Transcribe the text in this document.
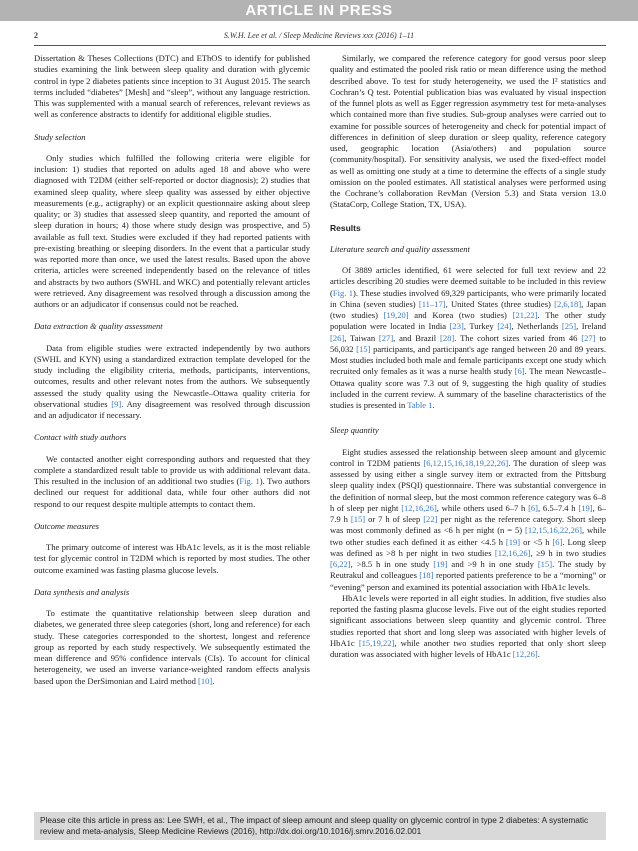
ARTICLE IN PRESS
2	S.W.H. Lee et al. / Sleep Medicine Reviews xxx (2016) 1–11

Dissertation & Theses Collections (DTC) and EThOS to identify for published studies examining the link between sleep quality and duration with glycemic control in type 2 diabetes patients since inception to 31 August 2015. The search terms included “diabetes” [Mesh] and “sleep”, without any language restriction. This was supplemented with a manual search of references, relevant reviews as well as conference abstracts to identify for additional eligible studies.

Study selection

Only studies which fulfilled the following criteria were eligible for inclusion: 1) studies that reported on adults aged 18 and above who were diagnosed with T2DM (either self-reported or doctor diagnosis); 2) studies that examined sleep quality, where sleep quality was assessed by either objective measurements (e.g., actigraphy) or an explicit questionnaire asking about sleep quality; or 3) studies that assessed sleep quantity, and reported the amount of sleep duration in hours; 4) those where study design was prospective, and 5) available as full text. Studies were excluded if they had reported patients with pre-existing breathing or sleeping disorders. In the event that a particular study was reported more than once, we used the latest results. Based upon the above criteria, articles were screened independently based on the relevance of titles and abstracts by two authors (SWHL and WKC) and potentially relevant articles were retrieved. Any disagreement was resolved through a discussion among the authors or an adjudicator if consensus could not be reached.

Data extraction & quality assessment

Data from eligible studies were extracted independently by two authors (SWHL and KYN) using a standardized extraction template developed for the study including the eligibility criteria, methods, participants, interventions, outcomes, results and other relevant notes from the authors. We subsequently assessed the study quality using the Newcastle–Ottawa quality criteria for observational studies [9]. Any disagreement was resolved through discussion and an adjudicator if necessary.

Contact with study authors

We contacted another eight corresponding authors and requested that they complete a standardized result table to provide us with additional relevant data. This resulted in the inclusion of an additional two studies (Fig. 1). Two authors declined our request for additional data, while four other authors did not respond to our request despite multiple attempts to contact them.

Outcome measures

The primary outcome of interest was HbA1c levels, as it is the most reliable test for glycemic control in T2DM which is reported by most studies. The other outcome examined was fasting plasma glucose levels.

Data synthesis and analysis

To estimate the quantitative relationship between sleep duration and diabetes, we generated three sleep categories (short, long and reference) for each study. These categories corresponded to the shortest, longest and reference group as reported by each study respectively. We subsequently estimated the mean difference and 95% confidence intervals (CIs). To account for clinical heterogeneity, we used an inverse variance-weighted random effects analysis based upon the DerSimonian and Laird method [10].

Similarly, we compared the reference category for good versus poor sleep quality and estimated the pooled risk ratio or mean difference using the method described above. To test for study heterogeneity, we used the I² statistics and Cochran’s Q test. Potential publication bias was evaluated by visual inspection of the funnel plots as well as Egger regression asymmetry test for meta-analyses which contained more than five studies. Sub-group analyses were carried out to examine for possible sources of heterogeneity and check for potential impact of differences in definition of sleep duration or sleep quality, reference category used, geographic location (Asia/others) and population source (community/hospital). For sensitivity analysis, we used the fixed-effect model as well as omitting one study at a time to determine the effects of a single study omission on the pooled estimates. All statistical analyses were performed using the Cochrane’s collaboration RevMan (Version 5.3) and Stata version 13.0 (StataCorp, College Station, TX, USA).

Results
Literature search and quality assessment

Of 3889 articles identified, 61 were selected for full text review and 22 articles describing 20 studies were deemed suitable to be included in this review (Fig. 1). These studies involved 69,329 participants, who were primarily located in China (seven studies) [11–17], United States (three studies) [2,6,18], Japan (two studies) [19,20] and Korea (two studies) [21,22]. The other study population were located in India [23], Turkey [24], Netherlands [25], Ireland [26], Taiwan [27], and Brazil [28]. The cohort sizes varied from 46 [27] to 56,032 [15] participants, and participant's age ranged between 20 and 89 years. Most studies included both male and female participants except one study which recruited only females as it was a nurse health study [6]. The mean Newcastle–Ottawa quality score was 7.3 out of 9, suggesting the high quality of studies included in the current review. A summary of the baseline characteristics of the studies is presented in Table 1.

Sleep quantity

Eight studies assessed the relationship between sleep amount and glycemic control in T2DM patients [6,12,15,16,18,19,22,26]. The duration of sleep was assessed by using either a single survey item or extracted from the Pittsburg sleep quality index (PSQI) questionnaire. There was substantial convergence in the definition of normal sleep, but the most common reference category was 6–8 h of sleep per night [12,16,26], while others used 6–7 h [6], 6.5–7.4 h [19], 6–7.9 h [15] or 7 h of sleep [22] per night as the reference category. Short sleep was most commonly defined as <6 h per night (n = 5) [12,15,16,22,26], while two other studies each defined it as either <4.5 h [19] or <5 h [6]. Long sleep was defined as >8 h per night in two studies [12,16,26], ≥9 h in two studies [6,22], >8.5 h in one study [19] and >9 h in one study [15]. The study by Reutrakul and colleagues [18] reported patients preference to be a “morning” or “evening” person and examined its potential association with HbA1c levels.

HbA1c levels were reported in all eight studies. In addition, five studies also reported the fasting plasma glucose levels. Five out of the eight studies reported significant associations between sleep quantity and glycemic control. Three studies reported that short and long sleep was associated with higher levels of HbA1c [15,19,22], while another two studies reported that only short sleep duration was associated with higher levels of HbA1c [12,26].

Please cite this article in press as: Lee SWH, et al., The impact of sleep amount and sleep quality on glycemic control in type 2 diabetes: A systematic review and meta-analysis, Sleep Medicine Reviews (2016), http://dx.doi.org/10.1016/j.smrv.2016.02.001
